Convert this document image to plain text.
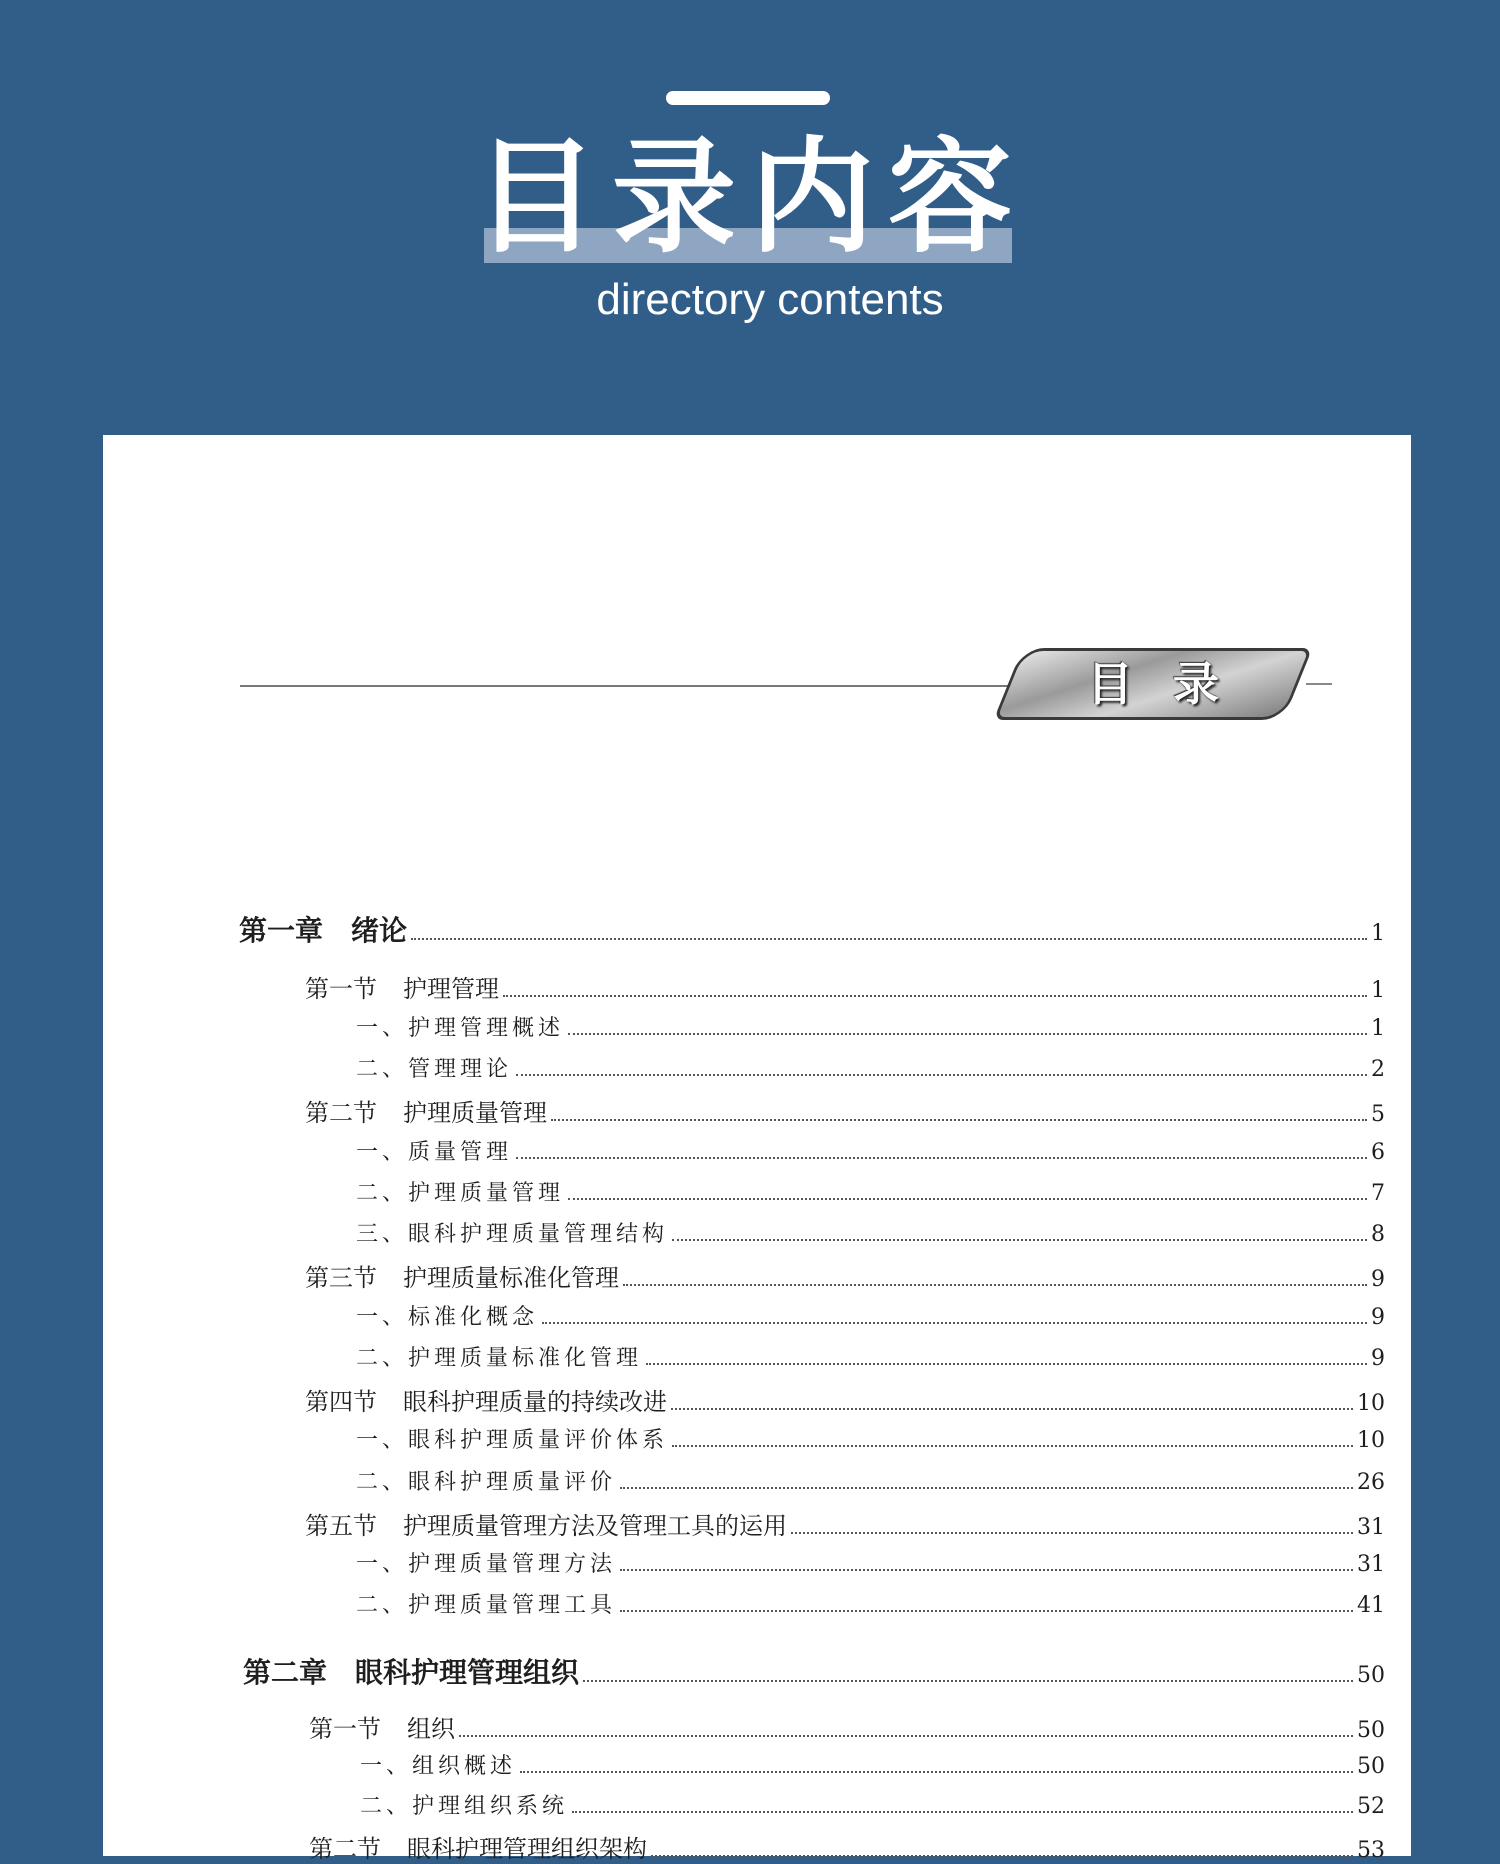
目录内容
directory contents
目录
第一章 绪论	1
第一节 护理管理	1
一、护理管理概述	1
二、管理理论	2
第二节 护理质量管理	5
一、质量管理	6
二、护理质量管理	7
三、眼科护理质量管理结构	8
第三节 护理质量标准化管理	9
一、标准化概念	9
二、护理质量标准化管理	9
第四节 眼科护理质量的持续改进	10
一、眼科护理质量评价体系	10
二、眼科护理质量评价	26
第五节 护理质量管理方法及管理工具的运用	31
一、护理质量管理方法	31
二、护理质量管理工具	41
第二章 眼科护理管理组织	50
第一节 组织	50
一、组织概述	50
二、护理组织系统	52
第二节 眼科护理管理组织架构	53
